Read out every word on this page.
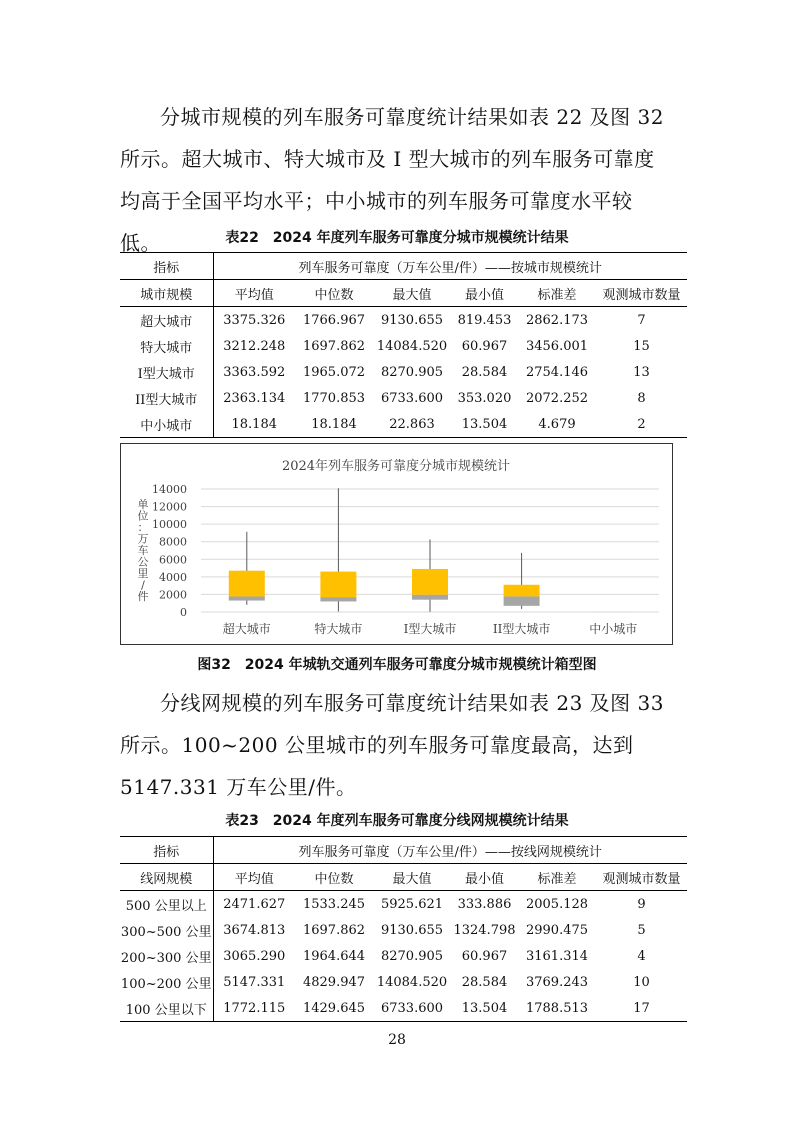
分城市规模的列车服务可靠度统计结果如表 22 及图 32 所示。超大城市、特大城市及 I 型大城市的列车服务可靠度均高于全国平均水平；中小城市的列车服务可靠度水平较低。	表22　2024 年度列车服务可靠度分城市规模统计结果
指标	列车服务可靠度（万车公里/件）——按城市规模统计					
城市规模	平均值	中位数	最大值	最小值	标准差	观测城市数量
超大城市	3375.326	1766.967	9130.655	819.453	2862.173	7
特大城市	3212.248	1697.862	14084.520	60.967	3456.001	15
I型大城市	3363.592	1965.072	8270.905	28.584	2754.146	13
II型大城市	2363.134	1770.853	6733.600	353.020	2072.252	8
中小城市	18.184	18.184	22.863	13.504	4.679	2
2024年列车服务可靠度分城市规模统计
0
2000
4000
6000
8000
10000
12000
14000
单
位
：
万
车
公
里
/
件
超大城市	特大城市	I型大城市	II型大城市	中小城市
图32　2024 年城轨交通列车服务可靠度分城市规模统计箱型图

分线网规模的列车服务可靠度统计结果如表 23 及图 33 所示。100~200 公里城市的列车服务可靠度最高，达到 5147.331 万车公里/件。

表23　2024 年度列车服务可靠度分线网规模统计结果
指标	列车服务可靠度（万车公里/件）——按线网规模统计					
线网规模	平均值	中位数	最大值	最小值	标准差	观测城市数量
500 公里以上	2471.627	1533.245	5925.621	333.886	2005.128	9
300~500 公里	3674.813	1697.862	9130.655	1324.798	2990.475	5
200~300 公里	3065.290	1964.644	8270.905	60.967	3161.314	4
100~200 公里	5147.331	4829.947	14084.520	28.584	3769.243	10
100 公里以下	1772.115	1429.645	6733.600	13.504	1788.513	17
28
